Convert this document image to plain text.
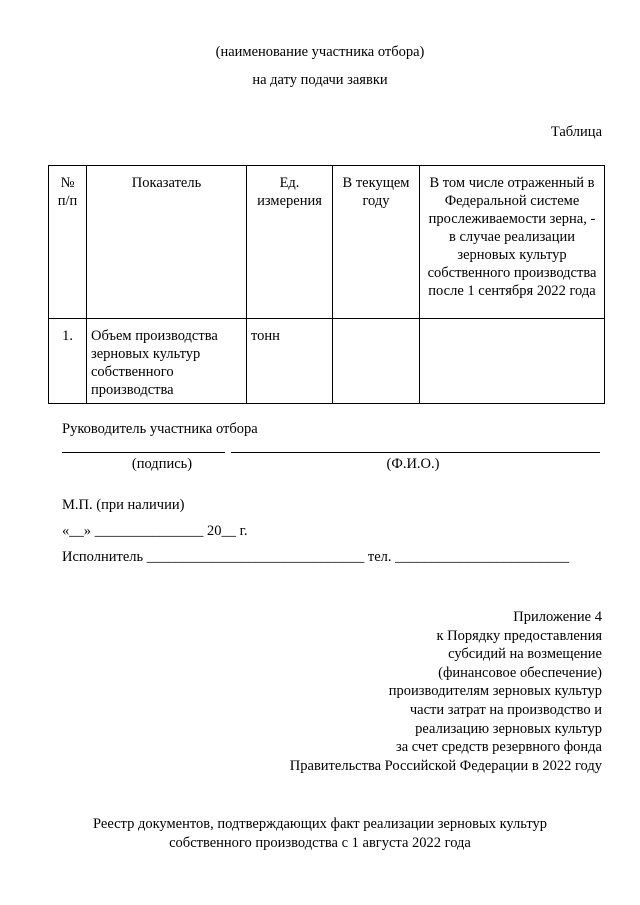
(наименование участника отбора)
на дату подачи заявки
Таблица
№ п/п	Показатель	Ед. измерения	В текущем году	В том числе отраженный в Федеральной системе прослеживаемости зерна, - в случае реализации зерновых культур собственного производства после 1 сентября 2022 года
1.	Объем производства зерновых культур собственного производства	тонн		
Руководитель участника отбора
(подпись)	(Ф.И.О.)
М.П. (при наличии)
«__» _______________ 20__ г.
Исполнитель ______________________________ тел. ________________________
Приложение 4
к Порядку предоставления
субсидий на возмещение
(финансовое обеспечение)
производителям зерновых культур
части затрат на производство и
реализацию зерновых культур
за счет средств резервного фонда
Правительства Российской Федерации в 2022 году
Реестр документов, подтверждающих факт реализации зерновых культур
собственного производства с 1 августа 2022 года
